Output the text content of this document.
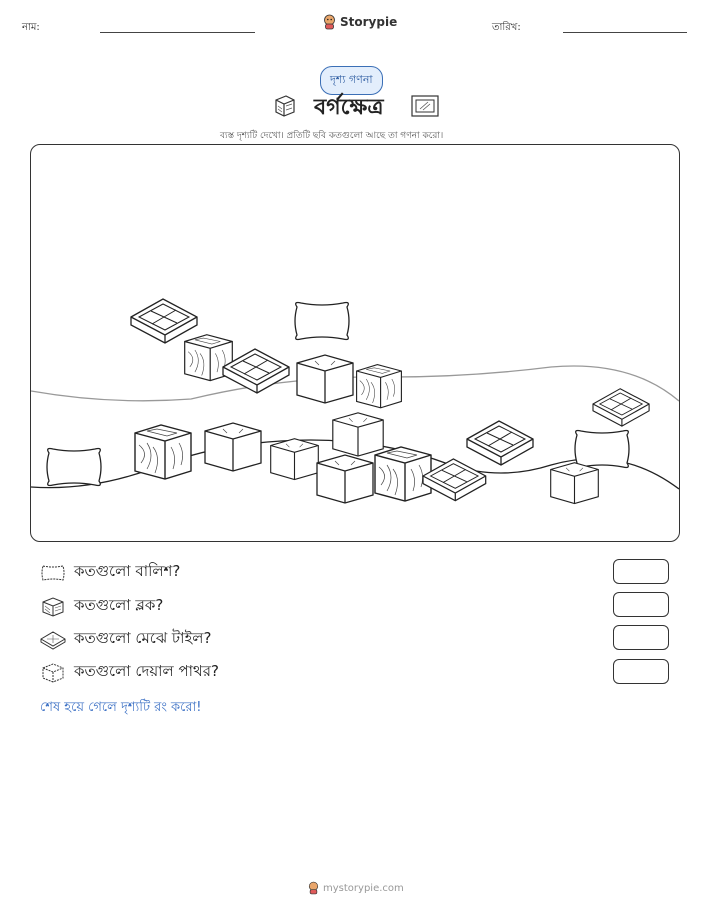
নাম:	Storypie	তারিখ:
দৃশ্য গণনা
বর্গক্ষেত্র
ব্যস্ত দৃশ্যটি দেখো। প্রতিটি ছবি কতগুলো আছে তা গণনা করো।
কতগুলো বালিশ?
কতগুলো ব্লক?
কতগুলো মেঝে টাইল?
কতগুলো দেয়াল পাথর?
শেষ হয়ে গেলে দৃশ্যটি রং করো!
mystorypie.com
